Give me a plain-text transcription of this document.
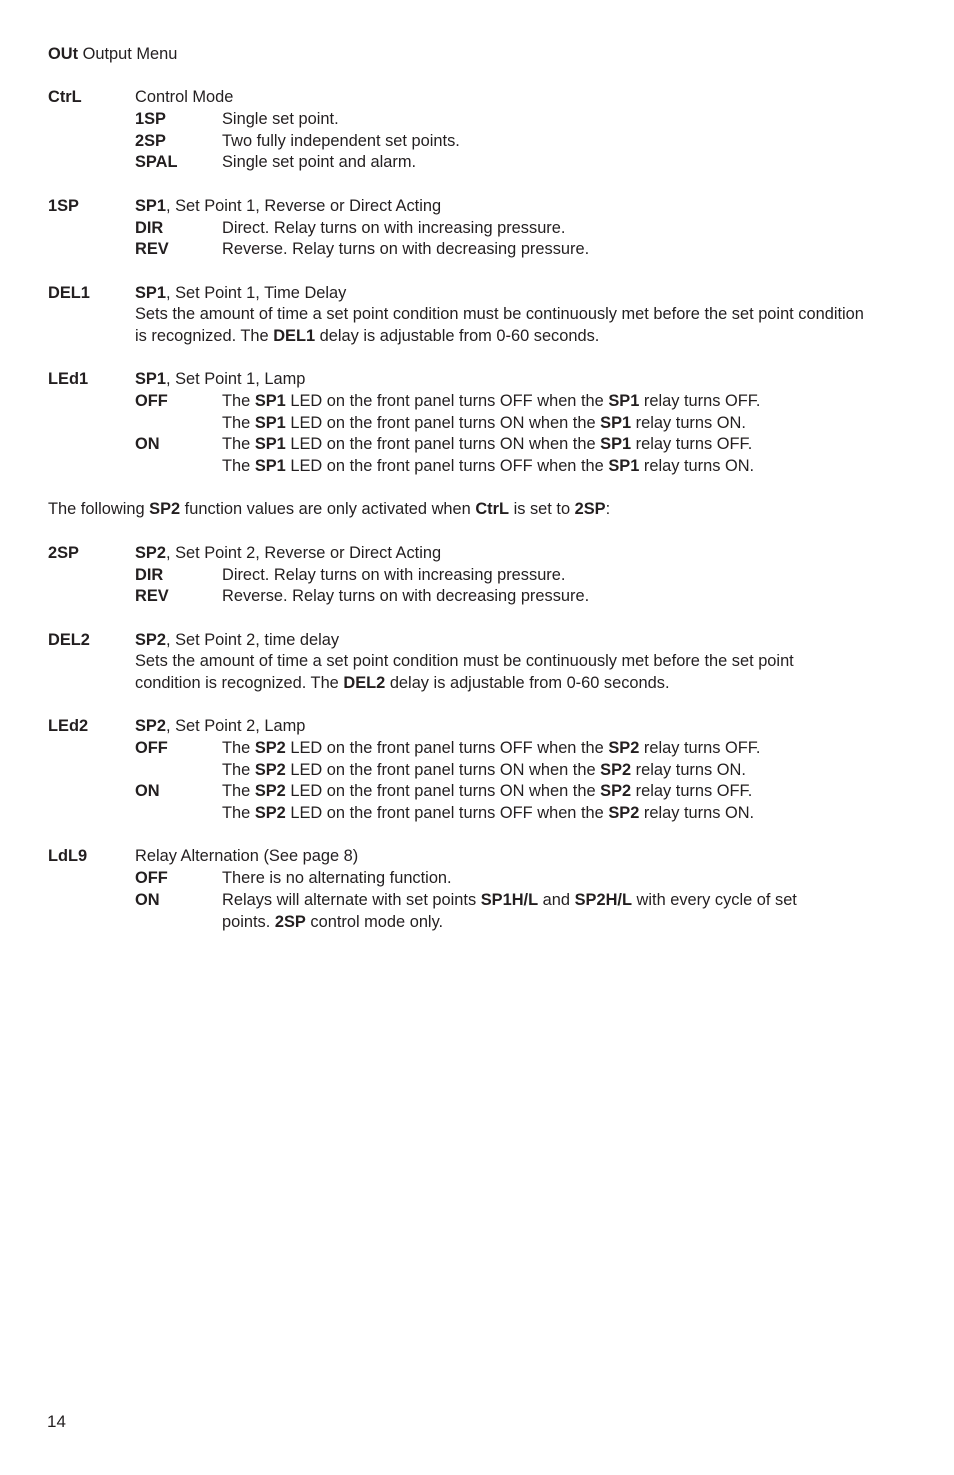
OUt Output Menu
CtrL	Control Mode
1SP	Single set point.
2SP	Two fully independent set points.
SPAL	Single set point and alarm.
1SP	SP1, Set Point 1, Reverse or Direct Acting
DIR	Direct. Relay turns on with increasing pressure.
REV	Reverse. Relay turns on with decreasing pressure.
DEL1	SP1, Set Point 1, Time Delay
Sets the amount of time a set point condition must be continuously met before the set point condition
is recognized. The DEL1 delay is adjustable from 0-60 seconds.
LEd1	SP1, Set Point 1, Lamp
OFF	The SP1 LED on the front panel turns OFF when the SP1 relay turns OFF.
The SP1 LED on the front panel turns ON when the SP1 relay turns ON.
ON	The SP1 LED on the front panel turns ON when the SP1 relay turns OFF.
The SP1 LED on the front panel turns OFF when the SP1 relay turns ON.
The following SP2 function values are only activated when CtrL is set to 2SP:
2SP	SP2, Set Point 2, Reverse or Direct Acting
DIR	Direct. Relay turns on with increasing pressure.
REV	Reverse. Relay turns on with decreasing pressure.
DEL2	SP2, Set Point 2, time delay
Sets the amount of time a set point condition must be continuously met before the set point
condition is recognized. The DEL2 delay is adjustable from 0-60 seconds.
LEd2	SP2, Set Point 2, Lamp
OFF	The SP2 LED on the front panel turns OFF when the SP2 relay turns OFF.
The SP2 LED on the front panel turns ON when the SP2 relay turns ON.
ON	The SP2 LED on the front panel turns ON when the SP2 relay turns OFF.
The SP2 LED on the front panel turns OFF when the SP2 relay turns ON.
LdL9	Relay Alternation (See page 8)
OFF	There is no alternating function.
ON	Relays will alternate with set points SP1H/L and SP2H/L with every cycle of set
points. 2SP control mode only.
14
